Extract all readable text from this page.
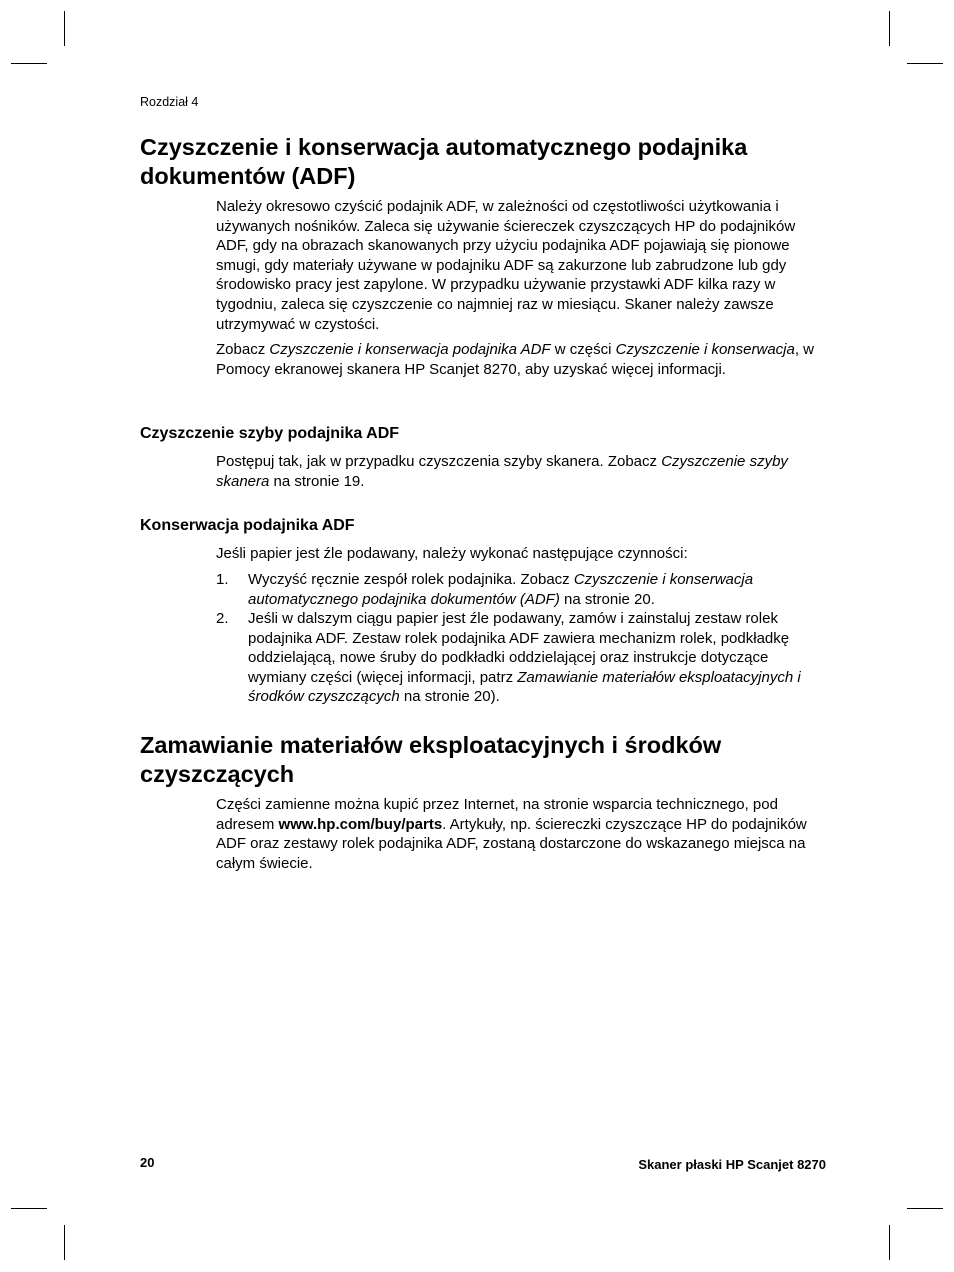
Rozdział 4
Czyszczenie i konserwacja automatycznego podajnika
dokumentów (ADF)

Należy okresowo czyścić podajnik ADF, w zależności od częstotliwości użytkowania i używanych nośników. Zaleca się używanie ściereczek czyszczących HP do podajników ADF, gdy na obrazach skanowanych przy użyciu podajnika ADF pojawiają się pionowe smugi, gdy materiały używane w podajniku ADF są zakurzone lub zabrudzone lub gdy środowisko pracy jest zapylone. W przypadku używanie przystawki ADF kilka razy w tygodniu, zaleca się czyszczenie co najmniej raz w miesiącu. Skaner należy zawsze utrzymywać w czystości.

Zobacz Czyszczenie i konserwacja podajnika ADF w części Czyszczenie i konserwacja, w Pomocy ekranowej skanera HP Scanjet 8270, aby uzyskać więcej informacji.

Czyszczenie szyby podajnika ADF

Postępuj tak, jak w przypadku czyszczenia szyby skanera. Zobacz Czyszczenie szyby skanera na stronie 19.

Konserwacja podajnika ADF

Jeśli papier jest źle podawany, należy wykonać następujące czynności:

1. Wyczyść ręcznie zespół rolek podajnika. Zobacz Czyszczenie i konserwacja automatycznego podajnika dokumentów (ADF) na stronie 20.

2. Jeśli w dalszym ciągu papier jest źle podawany, zamów i zainstaluj zestaw rolek podajnika ADF. Zestaw rolek podajnika ADF zawiera mechanizm rolek, podkładkę oddzielającą, nowe śruby do podkładki oddzielającej oraz instrukcje dotyczące wymiany części (więcej informacji, patrz Zamawianie materiałów eksploatacyjnych i środków czyszczących na stronie 20).

Zamawianie materiałów eksploatacyjnych i środków
czyszczących

Części zamienne można kupić przez Internet, na stronie wsparcia technicznego, pod adresem www.hp.com/buy/parts. Artykuły, np. ściereczki czyszczące HP do podajników ADF oraz zestawy rolek podajnika ADF, zostaną dostarczone do wskazanego miejsca na całym świecie.

20	Skaner płaski HP Scanjet 8270
